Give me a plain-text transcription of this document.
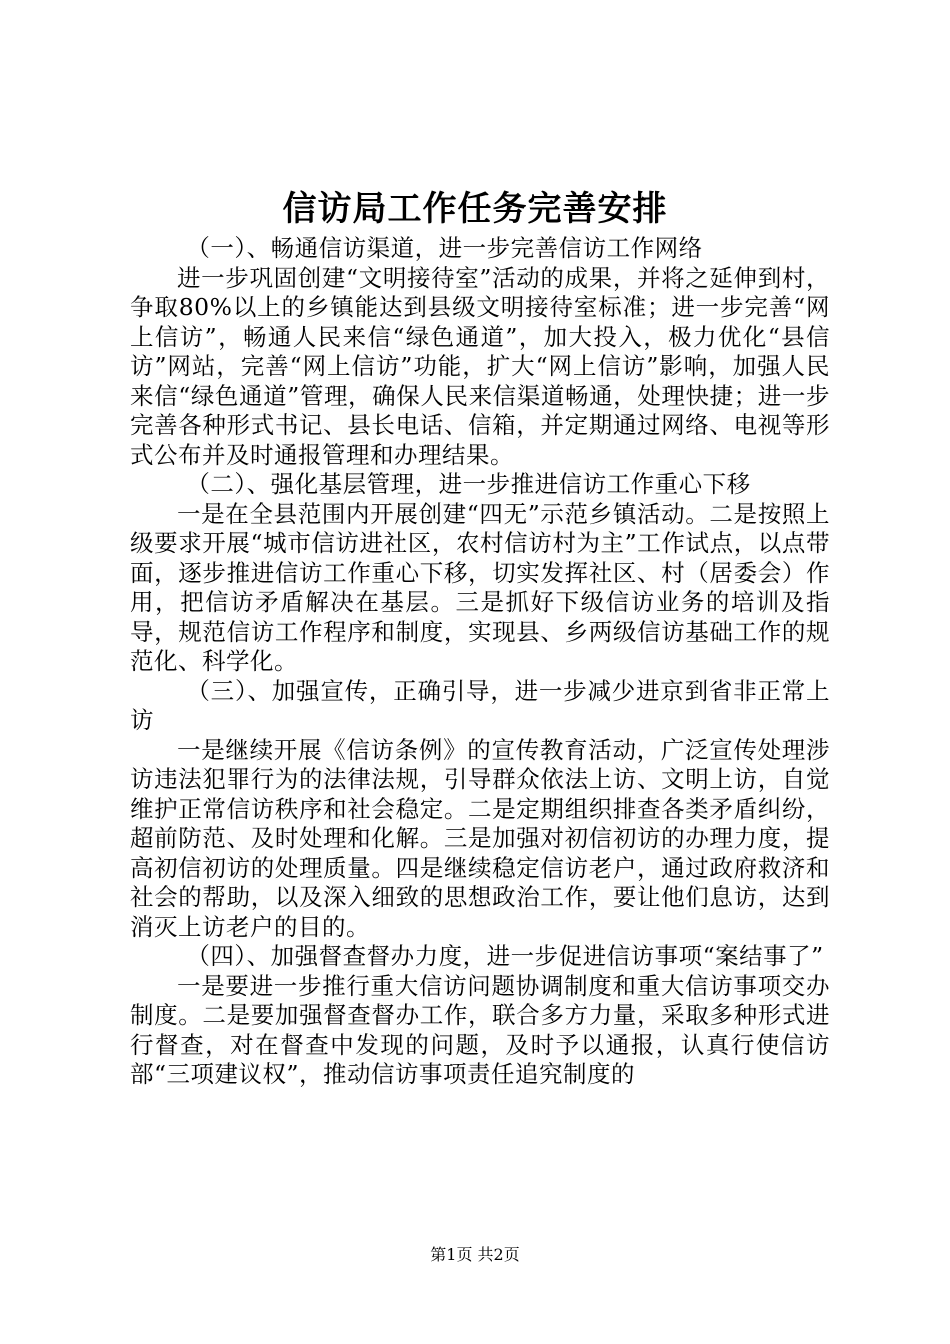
信访局工作任务完善安排

（一）、畅通信访渠道，进一步完善信访工作网络

进一步巩固创建“文明接待室”活动的成果，并将之延伸到村，争取80%以上的乡镇能达到县级文明接待室标准；进一步完善“网上信访”，畅通人民来信“绿色通道”，加大投入，极力优化“县信访”网站，完善“网上信访”功能，扩大“网上信访”影响，加强人民来信“绿色通道”管理，确保人民来信渠道畅通，处理快捷；进一步完善各种形式书记、县长电话、信箱，并定期通过网络、电视等形式公布并及时通报管理和办理结果。

（二）、强化基层管理，进一步推进信访工作重心下移

一是在全县范围内开展创建“四无”示范乡镇活动。二是按照上级要求开展“城市信访进社区，农村信访村为主”工作试点，以点带面，逐步推进信访工作重心下移，切实发挥社区、村（居委会）作用，把信访矛盾解决在基层。三是抓好下级信访业务的培训及指导，规范信访工作程序和制度，实现县、乡两级信访基础工作的规范化、科学化。

（三）、加强宣传，正确引导，进一步减少进京到省非正常上访

一是继续开展《信访条例》的宣传教育活动，广泛宣传处理涉访违法犯罪行为的法律法规，引导群众依法上访、文明上访，自觉维护正常信访秩序和社会稳定。二是定期组织排查各类矛盾纠纷，超前防范、及时处理和化解。三是加强对初信初访的办理力度，提高初信初访的处理质量。四是继续稳定信访老户，通过政府救济和社会的帮助，以及深入细致的思想政治工作，要让他们息访，达到消灭上访老户的目的。

（四）、加强督查督办力度，进一步促进信访事项“案结事了”

一是要进一步推行重大信访问题协调制度和重大信访事项交办制度。二是要加强督查督办工作，联合多方力量，采取多种形式进行督查，对在督查中发现的问题，及时予以通报，认真行使信访部“三项建议权”，推动信访事项责任追究制度的

第1页 共2页
